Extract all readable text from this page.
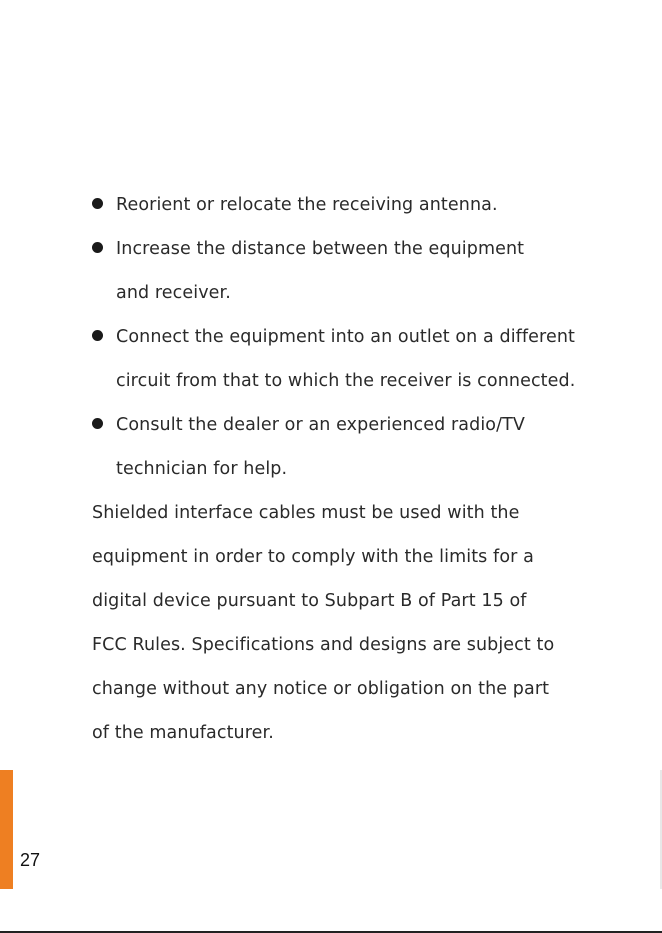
Reorient or relocate the receiving antenna.
Increase the distance between the equipment
and receiver.
Connect the equipment into an outlet on a different
circuit from that to which the receiver is connected.
Consult the dealer or an experienced radio/TV
technician for help.
Shielded interface cables must be used with the
equipment in order to comply with the limits for a
digital device pursuant to Subpart B of Part 15 of
FCC Rules. Specifications and designs are subject to
change without any notice or obligation on the part
of the manufacturer.
27
